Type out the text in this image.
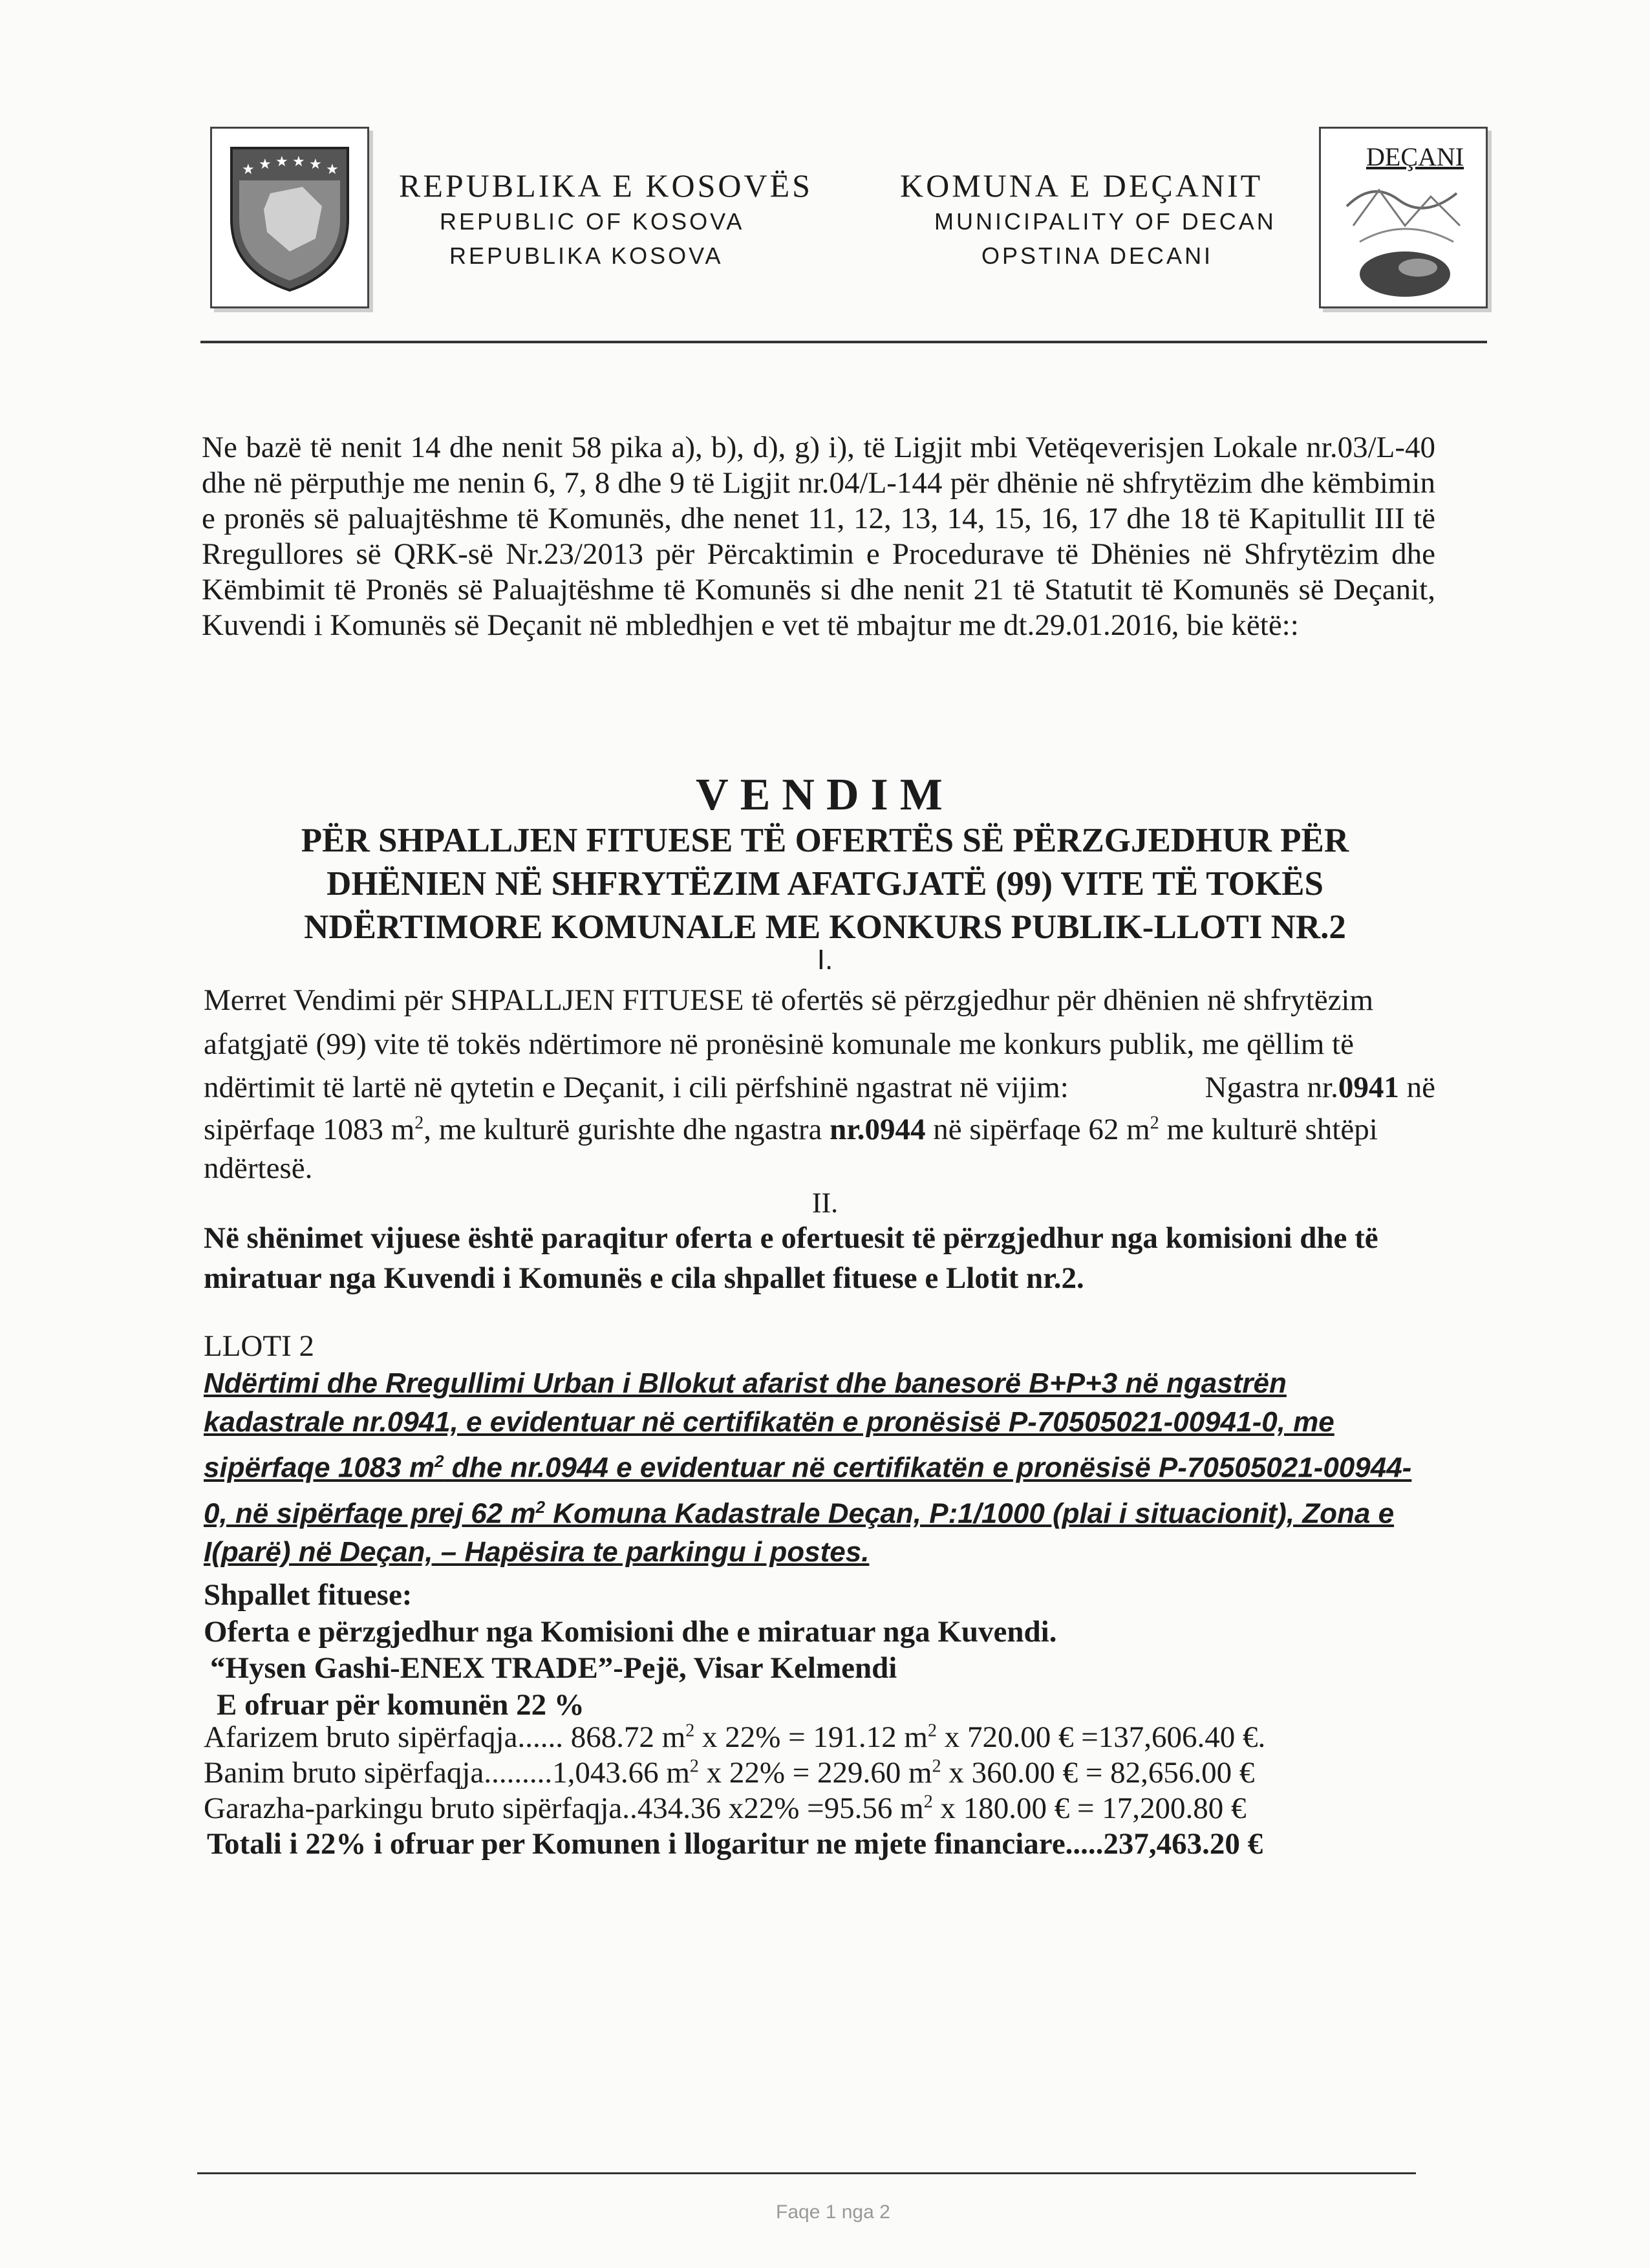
★ ★ ★ ★ ★ ★ REPUBLIKA E KOSOVËS
REPUBLIC OF KOSOVA
REPUBLIKA KOSOVA
KOMUNA E DEÇANIT
MUNICIPALITY OF DECAN
OPSTINA DECANI
DEÇANI
Ne bazë të nenit 14 dhe nenit 58 pika a), b), d), g) i), të Ligjit mbi Vetëqeverisjen Lokale nr.03/L-40 dhe në përputhje me nenin 6, 7, 8 dhe 9 të Ligjit nr.04/L-144 për dhënie në shfrytëzim dhe këmbimin e pronës së paluajtëshme të Komunës, dhe nenet 11, 12, 13, 14, 15, 16, 17 dhe 18 të Kapitullit III të Rregullores së QRK-së Nr.23/2013 për Përcaktimin e Procedurave të Dhënies në Shfrytëzim dhe Këmbimit të Pronës së Paluajtëshme të Komunës si dhe nenit 21 të Statutit të Komunës së Deçanit, Kuvendi i Komunës së Deçanit në mbledhjen e vet të mbajtur me dt.29.01.2016, bie këtë::
VENDIM
PËR SHPALLJEN FITUESE TË OFERTËS SË PËRZGJEDHUR PËR
DHËNIEN NË SHFRYTËZIM AFATGJATË (99) VITE TË TOKËS
NDËRTIMORE KOMUNALE ME KONKURS PUBLIK-LLOTI NR.2
I.
Merret Vendimi për SHPALLJEN FITUESE të ofertës së përzgjedhur për dhënien në shfrytëzim
afatgjatë (99) vite të tokës ndërtimore në pronësinë komunale me konkurs publik, me qëllim të
ndërtimit të lartë në qytetin e Deçanit, i cili përfshinë ngastrat në vijim:	Ngastra nr.0941 në
sipërfaqe 1083 $m^2$, me kulturë gurishte dhe ngastra nr.0944 në sipërfaqe 62 $m^2$ me kulturë shtëpi
ndërtesë.
II.
Në shënimet vijuese është paraqitur oferta e ofertuesit të përzgjedhur nga komisioni dhe të
miratuar nga Kuvendi i Komunës e cila shpallet fituese e Llotit nr.2.
LLOTI 2
Ndërtimi dhe Rregullimi Urban i Bllokut afarist dhe banesorë B+P+3 në ngastrën
kadastrale nr.0941, e evidentuar në certifikatën e pronësisë P-70505021-00941-0, me
sipërfaqe 1083 $m^2$ dhe nr.0944 e evidentuar në certifikatën e pronësisë P-70505021-00944-
0, në sipërfaqe prej 62 $m^2$ Komuna Kadastrale Deçan, P:1/1000 (plai i situacionit), Zona e
I(parë) në Deçan, – Hapësira te parkingu i postes.
Shpallet fituese:
Oferta e përzgjedhur nga Komisioni dhe e miratuar nga Kuvendi.
“Hysen Gashi-ENEX TRADE”-Pejë, Visar Kelmendi
E ofruar për komunën 22 %
Afarizem bruto sipërfaqja...... 868.72 $m^2$ x 22% = 191.12 $m^2$ x 720.00 € =137,606.40 €.
Banim bruto sipërfaqja.........1,043.66 $m^2$ x 22% = 229.60 $m^2$ x 360.00 € = 82,656.00 €
Garazha-parkingu bruto sipërfaqja..434.36 x22% =95.56 $m^2$ x 180.00 € = 17,200.80 €
Totali i 22% i ofruar per Komunen i llogaritur ne mjete financiare.....237,463.20 €
Faqe 1 nga 2
